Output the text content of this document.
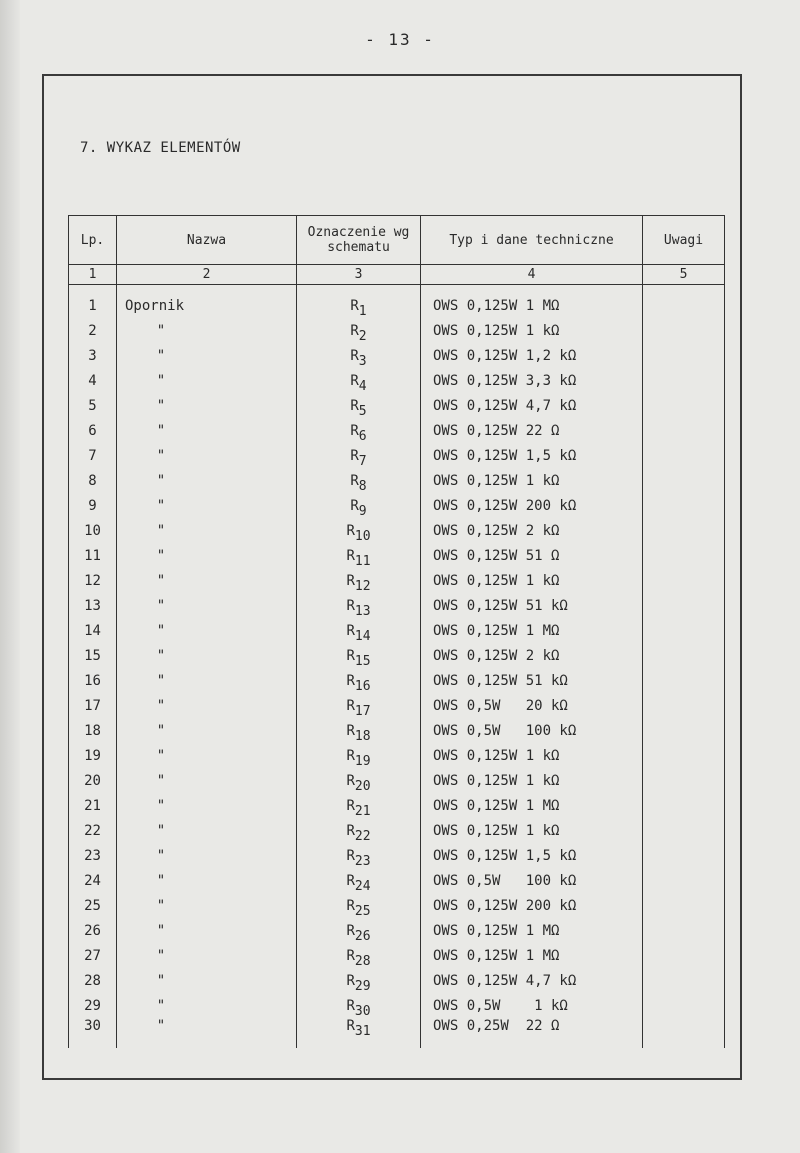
- 13 -
7. WYKAZ ELEMENTÓW
Lp.	Nazwa	Oznaczenie wg schematu	Typ i dane techniczne	Uwagi
1	2	3	4	5

1	Opornik	R1	OWS 0,125W 1 MΩ	
2	"	R2	OWS 0,125W 1 kΩ	
3	"	R3	OWS 0,125W 1,2 kΩ	
4	"	R4	OWS 0,125W 3,3 kΩ	
5	"	R5	OWS 0,125W 4,7 kΩ	
6	"	R6	OWS 0,125W 22 Ω	
7	"	R7	OWS 0,125W 1,5 kΩ	
8	"	R8	OWS 0,125W 1 kΩ	
9	"	R9	OWS 0,125W 200 kΩ	
10	"	R10	OWS 0,125W 2 kΩ	
11	"	R11	OWS 0,125W 51 Ω	
12	"	R12	OWS 0,125W 1 kΩ	
13	"	R13	OWS 0,125W 51 kΩ	
14	"	R14	OWS 0,125W 1 MΩ	
15	"	R15	OWS 0,125W 2 kΩ	
16	"	R16	OWS 0,125W 51 kΩ	
17	"	R17	OWS 0,5W   20 kΩ	
18	"	R18	OWS 0,5W   100 kΩ	
19	"	R19	OWS 0,125W 1 kΩ	
20	"	R20	OWS 0,125W 1 kΩ	
21	"	R21	OWS 0,125W 1 MΩ	
22	"	R22	OWS 0,125W 1 kΩ	
23	"	R23	OWS 0,125W 1,5 kΩ	
24	"	R24	OWS 0,5W   100 kΩ	
25	"	R25	OWS 0,125W 200 kΩ	
26	"	R26	OWS 0,125W 1 MΩ	
27	"	R28	OWS 0,125W 1 MΩ	
28	"	R29	OWS 0,125W 4,7 kΩ	
29	"	R30	OWS 0,5W    1 kΩ	
30	"	R31	OWS 0,25W  22 Ω	
